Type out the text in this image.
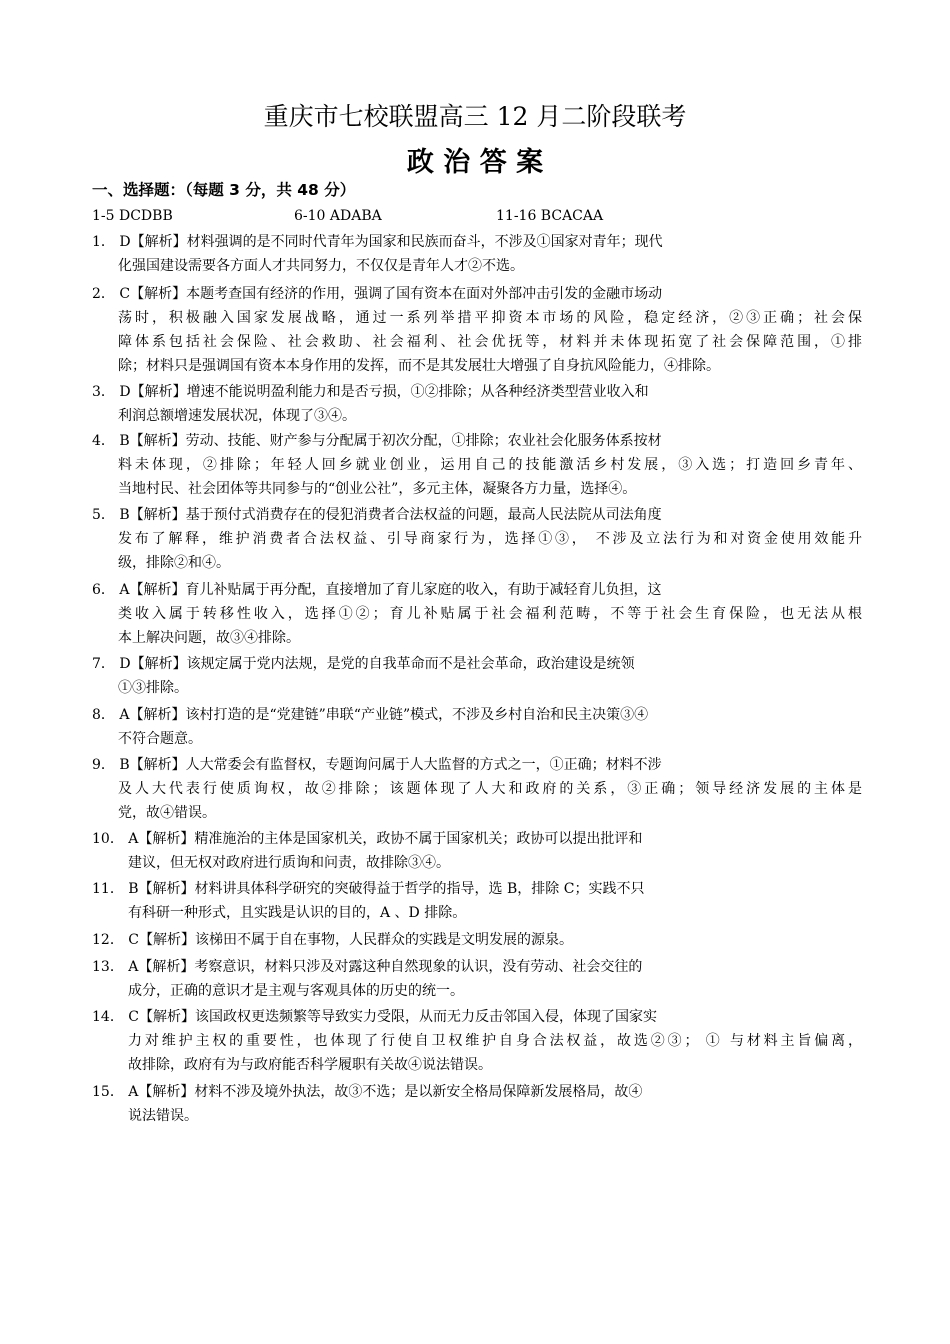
重庆市七校联盟高三 12 月二阶段联考
政 治 答 案
一、选择题：（每题 3 分，共 48 分）
1-5 DCDBB	6-10 ADABA	11-16 BCACAA
1． D【解析】材料强调的是不同时代青年为国家和民族而奋斗，不涉及①国家对青年；现代
化强国建设需要各方面人才共同努力，不仅仅是青年人才②不选。
2． C【解析】本题考查国有经济的作用，强调了国有资本在面对外部冲击引发的金融市场动
荡时，积极融入国家发展战略，通过一系列举措平抑资本市场的风险，稳定经济，②③正确；社会保
障体系包括社会保险、社会救助、社会福利、社会优抚等，材料并未体现拓宽了社会保障范围，①排
除；材料只是强调国有资本本身作用的发挥，而不是其发展壮大增强了自身抗风险能力，④排除。
3． D【解析】增速不能说明盈利能力和是否亏损，①②排除；从各种经济类型营业收入和
利润总额增速发展状况，体现了③④。
4． B【解析】劳动、技能、财产参与分配属于初次分配，①排除；农业社会化服务体系按材
料未体现，②排除；年轻人回乡就业创业，运用自己的技能激活乡村发展，③入选；打造回乡青年、
当地村民、社会团体等共同参与的“创业公社”，多元主体，凝聚各方力量，选择④。
5． B【解析】基于预付式消费存在的侵犯消费者合法权益的问题，最高人民法院从司法角度
发布了解释，维护消费者合法权益、引导商家行为，选择①③， 不涉及立法行为和对资金使用效能升
级，排除②和④。
6． A【解析】育儿补贴属于再分配，直接增加了育儿家庭的收入，有助于减轻育儿负担，这
类收入属于转移性收入，选择①②；育儿补贴属于社会福利范畴，不等于社会生育保险，也无法从根
本上解决问题，故③④排除。
7． D【解析】该规定属于党内法规，是党的自我革命而不是社会革命，政治建设是统领
①③排除。
8． A【解析】该村打造的是“党建链”串联“产业链”模式，不涉及乡村自治和民主决策③④
不符合题意。
9． B【解析】人大常委会有监督权，专题询问属于人大监督的方式之一，①正确；材料不涉
及人大代表行使质询权，故②排除；该题体现了人大和政府的关系，③正确；领导经济发展的主体是
党，故④错误。
10． A【解析】精准施治的主体是国家机关，政协不属于国家机关；政协可以提出批评和
建议，但无权对政府进行质询和问责，故排除③④。
11． B【解析】材料讲具体科学研究的突破得益于哲学的指导，选 B，排除 C；实践不只
有科研一种形式，且实践是认识的目的，A 、D 排除。
12． C【解析】该梯田不属于自在事物，人民群众的实践是文明发展的源泉。
13． A【解析】考察意识，材料只涉及对露这种自然现象的认识，没有劳动、社会交往的
成分，正确的意识才是主观与客观具体的历史的统一。
14． C【解析】该国政权更迭频繁等导致实力受限，从而无力反击邻国入侵，体现了国家实
力对维护主权的重要性，也体现了行使自卫权维护自身合法权益，故选②③； ① 与材料主旨偏离，
故排除，政府有为与政府能否科学履职有关故④说法错误。
15． A【解析】材料不涉及境外执法，故③不选；是以新安全格局保障新发展格局，故④
说法错误。
